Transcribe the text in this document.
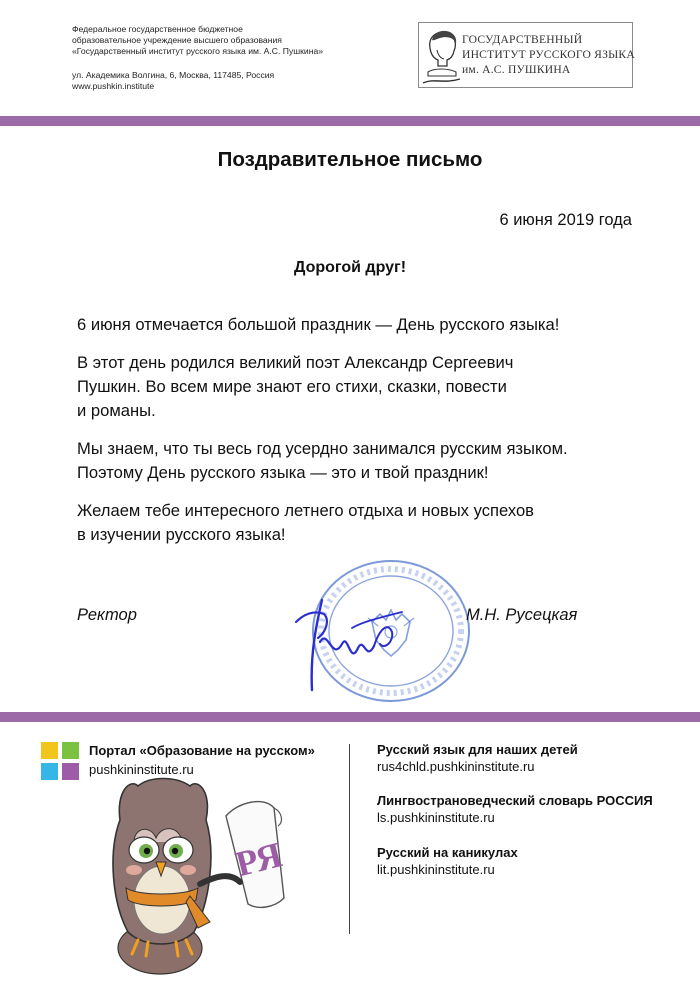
Федеральное государственное бюджетное
образовательное учреждение высшего образования
«Государственный институт русского языка им. А.С. Пушкина»
ул. Академика Волгина, 6, Москва, 117485, Россия
www.pushkin.institute
ГОСУДАРСТВЕННЫЙ
ИНСТИТУТ РУССКОГО ЯЗЫКА
им. А.С. ПУШКИНА
Поздравительное письмо
6 июня 2019 года
Дорогой друг!

6 июня отмечается большой праздник — День русского языка!

В этот день родился великий поэт Александр Сергеевич
Пушкин. Во всем мире знают его стихи, сказки, повести
и романы.

Мы знаем, что ты весь год усердно занимался русским языком.
Поэтому День русского языка — это и твой праздник!

Желаем тебе интересного летнего отдыха и новых успехов
в изучении русского языка!

Ректор	М.Н. Русецкая
Портал «Образование на русском»
pushkininstitute.ru
РЯ
Русский язык для наших детей
rus4chld.pushkininstitute.ru
Лингвострановедческий словарь РОССИЯ
ls.pushkininstitute.ru
Русский на каникулах
lit.pushkininstitute.ru
